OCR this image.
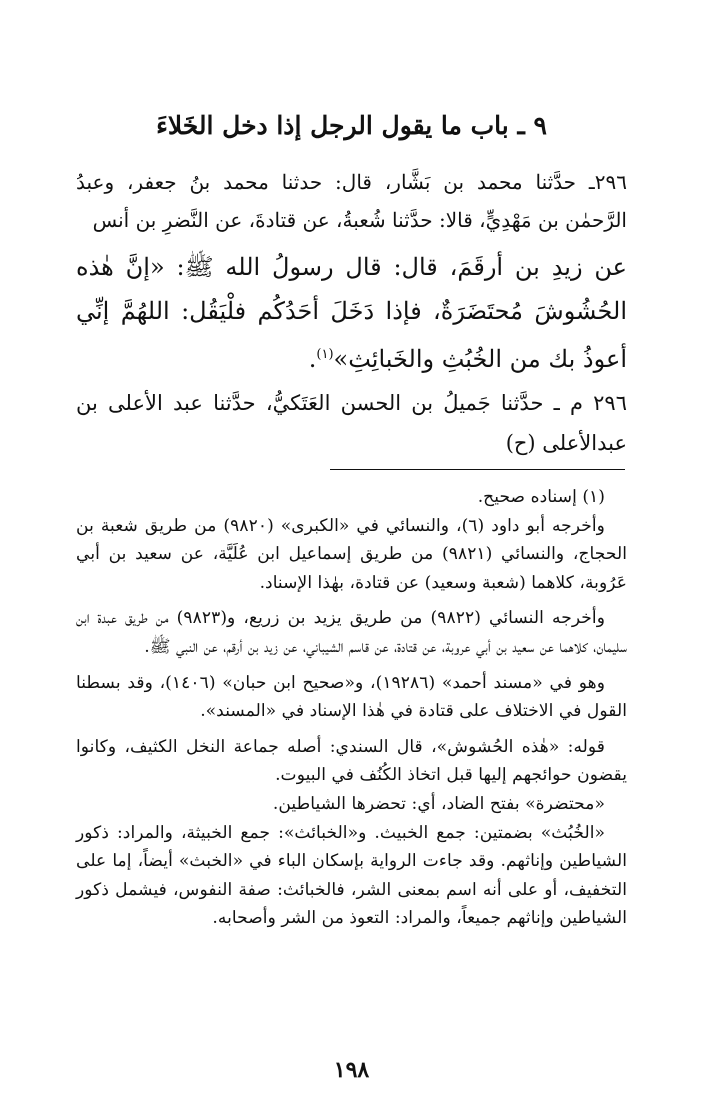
٩ ـ باب ما يقول الرجل إذا دخل الخَلاءَ

٢٩٦ـ حدَّثنا محمد بن بَشَّار، قال: حدثنا محمد بنُ جعفر، وعبدُ الرَّحمٰن بن مَهْدِيٍّ، قالا: حدَّثنا شُعبةُ، عن قتادةَ، عن النَّضرِ بن أنس

عن زيدِ بن أرقَمَ، قال: قال رسولُ الله ﷺ: «إنَّ هٰذه الحُشُوشَ مُحتَضَرَةٌ، فإذا دَخَلَ أحَدُكُم فلْيَقُل: اللهُمَّ إنِّي أعوذُ بك من الخُبُثِ والخَبائِثِ»$^{(١)}$.

٢٩٦ م ـ حدَّثنا جَميلُ بن الحسن العَتَكيُّ، حدَّثنا عبد الأعلى بن عبدالأعلى (ح)

(١) إسناده صحيح.

وأخرجه أبو داود (٦)، والنسائي في «الكبرى» (٩٨٢٠) من طريق شعبة بن الحجاج، والنسائي (٩٨٢١) من طريق إسماعيل ابن عُلَيَّة، عن سعيد بن أبي عَرُوبة، كلاهما (شعبة وسعيد) عن قتادة، بهٰذا الإسناد.

وأخرجه النسائي (٩٨٢٢) من طريق يزيد بن زريع، و(٩٨٢٣) من طريق عبدة ابن سليمان، كلاهما عن سعيد بن أبي عروبة، عن قتادة، عن قاسم الشيباني، عن زيد بن أرقم، عن النبي ﷺ.

وهو في «مسند أحمد» (١٩٢٨٦)، و«صحيح ابن حبان» (١٤٠٦)، وقد بسطنا القول في الاختلاف على قتادة في هٰذا الإسناد في «المسند».

قوله: «هٰذه الحُشوش»، قال السندي: أصله جماعة النخل الكثيف، وكانوا يقضون حوائجهم إليها قبل اتخاذ الكُنُف في البيوت.

«محتضرة» بفتح الضاد، أي: تحضرها الشياطين.

«الخُبُث» بضمتين: جمع الخبيث. و«الخبائث»: جمع الخبيثة، والمراد: ذكور الشياطين وإناثهم. وقد جاءت الرواية بإسكان الباء في «الخبث» أيضاً، إما على التخفيف، أو على أنه اسم بمعنى الشر، فالخبائث: صفة النفوس، فيشمل ذكور الشياطين وإناثهم جميعاً، والمراد: التعوذ من الشر وأصحابه.

١٩٨
